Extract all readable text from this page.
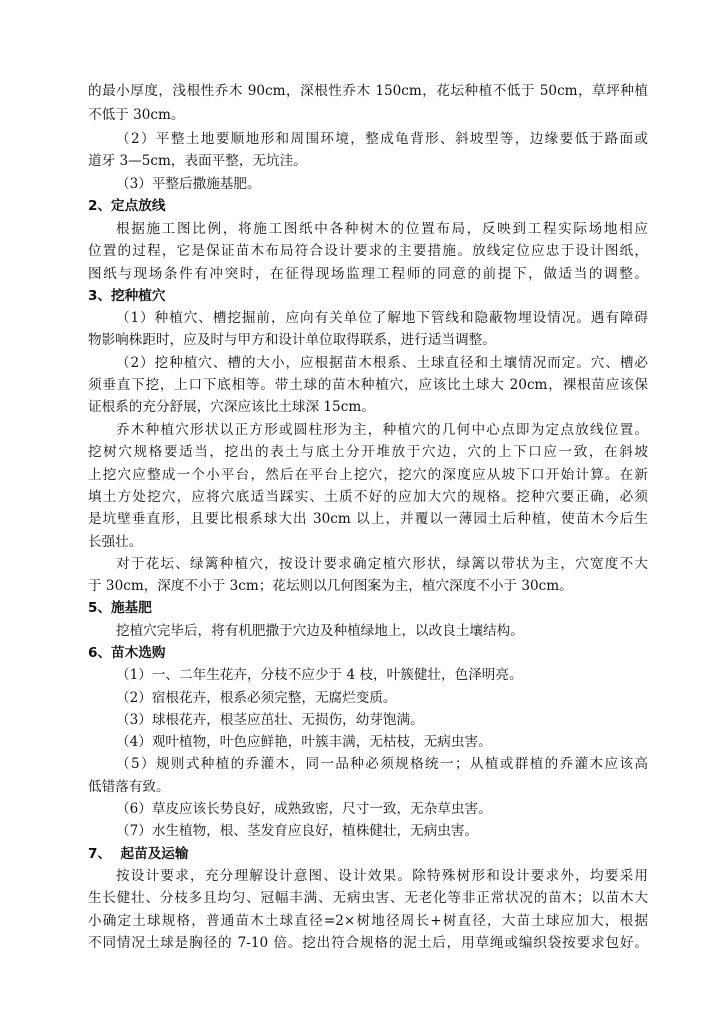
的最小厚度，浅根性乔木 90cm，深根性乔木 150cm，花坛种植不低于 50cm，草坪种植
不低于 30cm。
（2）平整土地要顺地形和周围环境，整成龟背形、斜坡型等，边缘要低于路面或
道牙 3—5cm，表面平整，无坑洼。
（3）平整后撒施基肥。
2、定点放线
根据施工图比例，将施工图纸中各种树木的位置布局，反映到工程实际场地相应
位置的过程，它是保证苗木布局符合设计要求的主要措施。放线定位应忠于设计图纸，
图纸与现场条件有冲突时，在征得现场监理工程师的同意的前提下，做适当的调整。
3、挖种植穴
（1）种植穴、槽挖掘前，应向有关单位了解地下管线和隐蔽物埋设情况。遇有障碍
物影响株距时，应及时与甲方和设计单位取得联系，进行适当调整。
（2）挖种植穴、槽的大小，应根据苗木根系、土球直径和土壤情况而定。穴、槽必
须垂直下挖，上口下底相等。带土球的苗木种植穴，应该比土球大 20cm，裸根苗应该保
证根系的充分舒展，穴深应该比土球深 15cm。
乔木种植穴形状以正方形或圆柱形为主，种植穴的几何中心点即为定点放线位置。
挖树穴规格要适当，挖出的表土与底土分开堆放于穴边，穴的上下口应一致，在斜坡
上挖穴应整成一个小平台，然后在平台上挖穴，挖穴的深度应从坡下口开始计算。在新
填土方处挖穴，应将穴底适当踩实、土质不好的应加大穴的规格。挖种穴要正确，必须
是坑壁垂直形，且要比根系球大出 30cm 以上，并覆以一薄园土后种植，使苗木今后生
长强壮。
对于花坛、绿篱种植穴，按设计要求确定植穴形状，绿篱以带状为主，穴宽度不大
于 30cm，深度不小于 3cm；花坛则以几何图案为主，植穴深度不小于 30cm。
5、施基肥
挖植穴完毕后，将有机肥撒于穴边及种植绿地上，以改良土壤结构。
6、苗木选购
（1）一、二年生花卉，分枝不应少于 4 枝，叶簇健壮，色泽明亮。
（2）宿根花卉，根系必须完整，无腐烂变质。
（3）球根花卉，根茎应茁壮、无损伤，幼芽饱满。
（4）观叶植物，叶色应鲜艳，叶簇丰满，无枯枝，无病虫害。
（5）规则式种植的乔灌木，同一品种必须规格统一；从植或群植的乔灌木应该高
低错落有致。
（6）草皮应该长势良好，成熟致密，尺寸一致，无杂草虫害。
（7）水生植物，根、茎发育应良好，植株健壮，无病虫害。
7、  起苗及运输
按设计要求，充分理解设计意图、设计效果。除特殊树形和设计要求外，均要采用
生长健壮、分枝多且均匀、冠幅丰满、无病虫害、无老化等非正常状况的苗木；以苗木大
小确定土球规格，普通苗木土球直径=2×树地径周长+树直径，大苗土球应加大，根据
不同情况土球是胸径的 7-10 倍。挖出符合规格的泥土后，用草绳或编织袋按要求包好。
